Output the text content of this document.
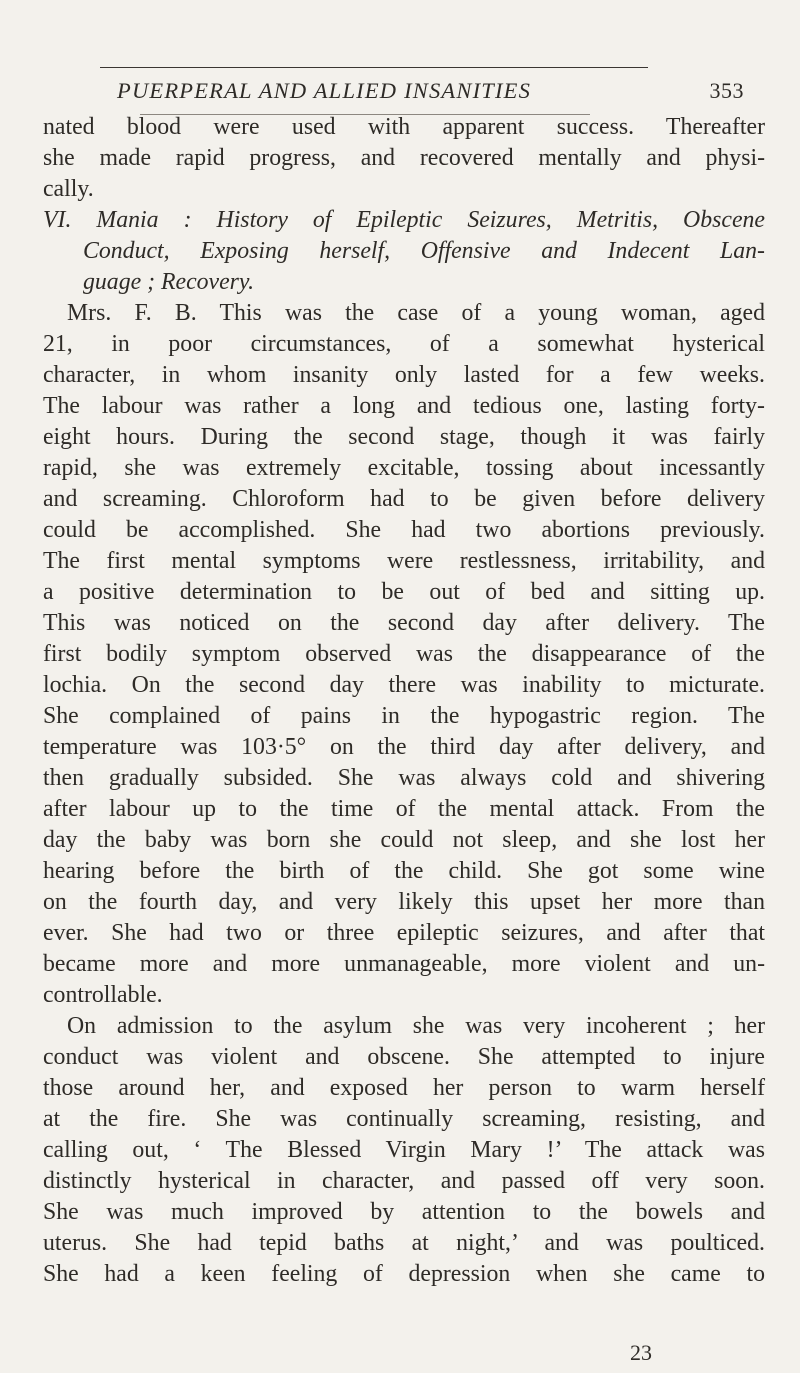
PUERPERAL AND ALLIED INSANITIES	353
nated blood were used with apparent success. Thereafter
she made rapid progress, and recovered mentally and physi-
cally.
VI. Mania : History of Epileptic Seizures, Metritis, Obscene
Conduct, Exposing herself, Offensive and Indecent Lan-
guage ; Recovery.
Mrs. F. B. This was the case of a young woman, aged
21, in poor circumstances, of a somewhat hysterical
character, in whom insanity only lasted for a few weeks.
The labour was rather a long and tedious one, lasting forty-
eight hours. During the second stage, though it was fairly
rapid, she was extremely excitable, tossing about incessantly
and screaming. Chloroform had to be given before delivery
could be accomplished. She had two abortions previously.
The first mental symptoms were restlessness, irritability, and
a positive determination to be out of bed and sitting up.
This was noticed on the second day after delivery. The
first bodily symptom observed was the disappearance of the
lochia. On the second day there was inability to micturate.
She complained of pains in the hypogastric region. The
temperature was 103·5° on the third day after delivery, and
then gradually subsided. She was always cold and shivering
after labour up to the time of the mental attack. From the
day the baby was born she could not sleep, and she lost her
hearing before the birth of the child. She got some wine
on the fourth day, and very likely this upset her more than
ever. She had two or three epileptic seizures, and after that
became more and more unmanageable, more violent and un-
controllable.
On admission to the asylum she was very incoherent ; her
conduct was violent and obscene. She attempted to injure
those around her, and exposed her person to warm herself
at the fire. She was continually screaming, resisting, and
calling out, ‘ The Blessed Virgin Mary !’ The attack was
distinctly hysterical in character, and passed off very soon.
She was much improved by attention to the bowels and
uterus. She had tepid baths at night,’ and was poulticed.
She had a keen feeling of depression when she came to
23
